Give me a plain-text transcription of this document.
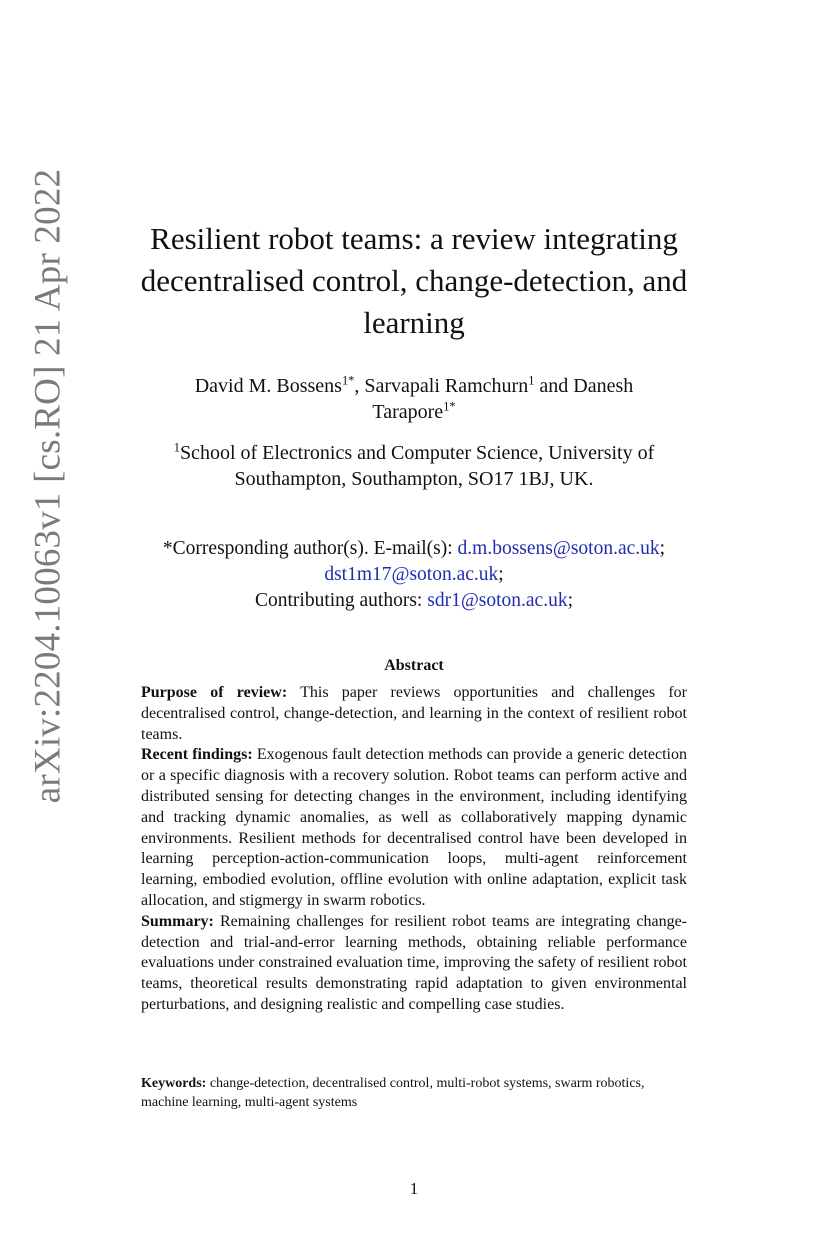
arXiv:2204.10063v1 [cs.RO] 21 Apr 2022	Resilient robot teams: a review integrating
decentralised control, change-detection, and
learning
David M. Bossens$^{1*}$, Sarvapali Ramchurn$^1$ and Danesh
Tarapore$^{1*}$
$^1$School of Electronics and Computer Science, University of
Southampton, Southampton, SO17 1BJ, UK.
*Corresponding author(s). E-mail(s): d.m.bossens@soton.ac.uk;
dst1m17@soton.ac.uk;
Contributing authors: sdr1@soton.ac.uk;
Abstract

Purpose of review: This paper reviews opportunities and challenges for decentralised control, change-detection, and learning in the context of resilient robot teams.

Recent findings: Exogenous fault detection methods can provide a generic detection or a specific diagnosis with a recovery solution. Robot teams can perform active and distributed sensing for detecting changes in the environment, including identifying and tracking dynamic anomalies, as well as collaboratively mapping dynamic environments. Resilient methods for decentralised control have been developed in learning perception-action-communication loops, multi-agent reinforcement learning, embodied evolution, offline evolution with online adaptation, explicit task allocation, and stigmergy in swarm robotics.

Summary: Remaining challenges for resilient robot teams are integrating change-detection and trial-and-error learning methods, obtaining reliable performance evaluations under constrained evaluation time, improving the safety of resilient robot teams, theoretical results demonstrating rapid adaptation to given environmental perturbations, and designing realistic and compelling case studies.

Keywords: change-detection, decentralised control, multi-robot systems, swarm robotics, machine learning, multi-agent systems
1
